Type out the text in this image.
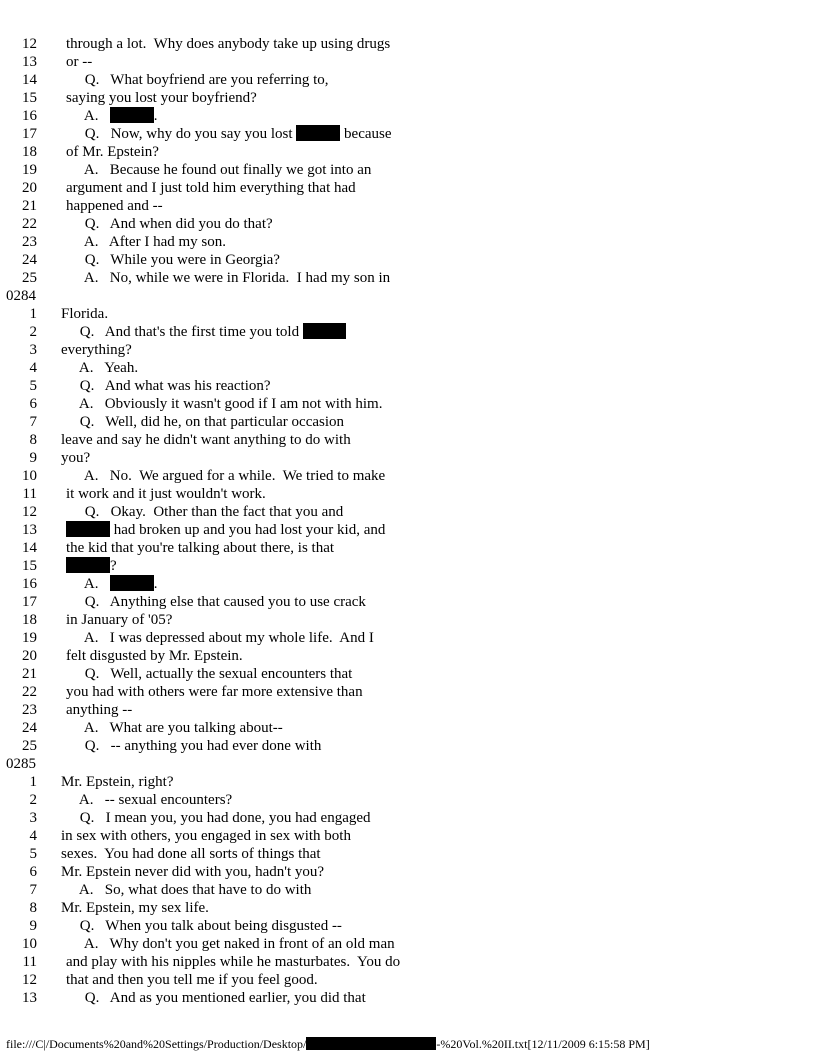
12 through a lot.  Why does anybody take up using drugs
13 or --
14 Q.   What boyfriend are you referring to,
15 saying you lost your boyfriend?
16 A.	.
17 Q.   Now, why do you say you lost	because
18 of Mr. Epstein?
19 A.   Because he found out finally we got into an
20 argument and I just told him everything that had
21 happened and --
22 Q.   And when did you do that?
23 A.   After I had my son.
24 Q.   While you were in Georgia?
25 A.   No, while we were in Florida.  I had my son in
0284
1 Florida.
2 Q.   And that's the first time you told
3 everything?
4 A.   Yeah.
5 Q.   And what was his reaction?
6 A.   Obviously it wasn't good if I am not with him.
7 Q.   Well, did he, on that particular occasion
8 leave and say he didn't want anything to do with
9 you?
10 A.   No.  We argued for a while.  We tried to make
11 it work and it just wouldn't work.
12 Q.   Okay.  Other than the fact that you and
13	had broken up and you had lost your kid, and
14 the kid that you're talking about there, is that
15	?
16 A.	.
17 Q.   Anything else that caused you to use crack
18 in January of '05?
19 A.   I was depressed about my whole life.  And I
20 felt disgusted by Mr. Epstein.
21 Q.   Well, actually the sexual encounters that
22 you had with others were far more extensive than
23 anything --
24 A.   What are you talking about--
25 Q.   -- anything you had ever done with
0285
1 Mr. Epstein, right?
2 A.   -- sexual encounters?
3 Q.   I mean you, you had done, you had engaged
4 in sex with others, you engaged in sex with both
5 sexes.  You had done all sorts of things that
6 Mr. Epstein never did with you, hadn't you?
7 A.   So, what does that have to do with
8 Mr. Epstein, my sex life.
9 Q.   When you talk about being disgusted --
10 A.   Why don't you get naked in front of an old man
11 and play with his nipples while he masturbates.  You do
12 that and then you tell me if you feel good.
13 Q.   And as you mentioned earlier, you did that
file:///C|/Documents%20and%20Settings/Production/Desktop/	-%20Vol.%20II.txt[12/11/2009 6:15:58 PM]
